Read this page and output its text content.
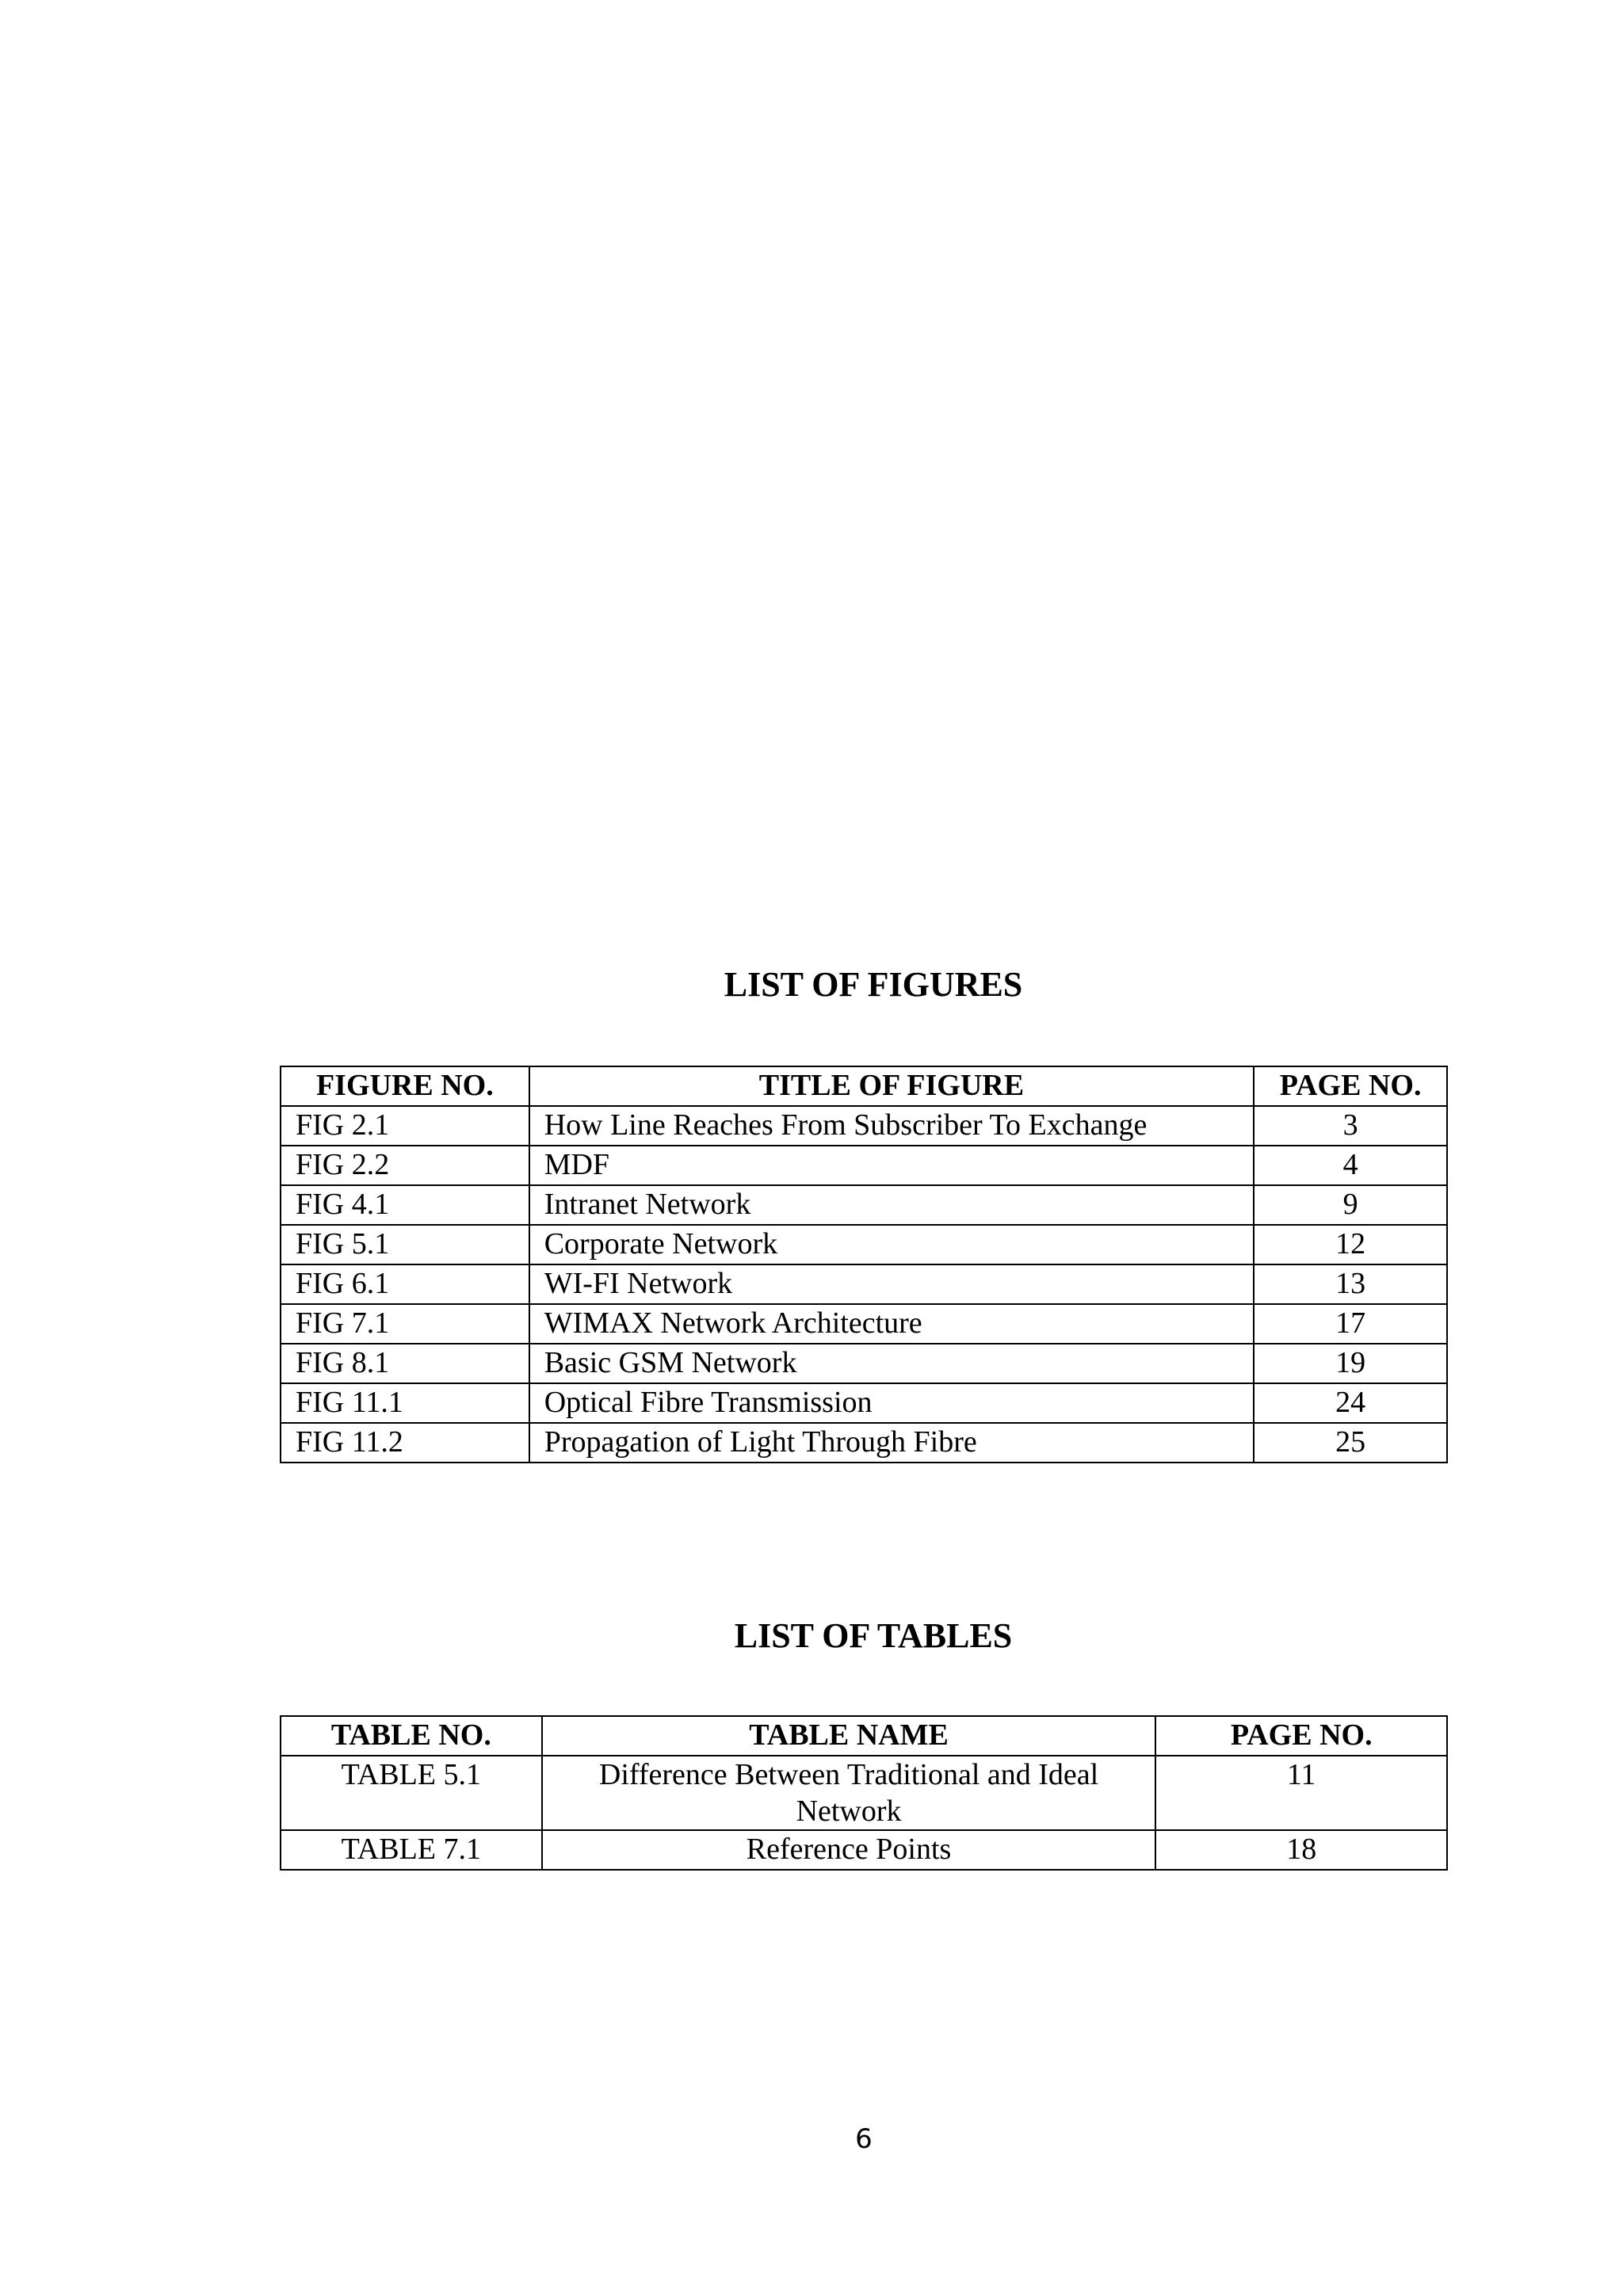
LIST OF FIGURES
FIGURE NO.	TITLE OF FIGURE	PAGE NO.
FIG 2.1	How Line Reaches From Subscriber To Exchange	3
FIG 2.2	MDF	4
FIG 4.1	Intranet Network	9
FIG 5.1	Corporate Network	12
FIG 6.1	WI-FI Network	13
FIG 7.1	WIMAX Network Architecture	17
FIG 8.1	Basic GSM Network	19
FIG 11.1	Optical Fibre Transmission	24
FIG 11.2	Propagation of Light Through Fibre	25
LIST OF TABLES
TABLE NO.	TABLE NAME	PAGE NO.
TABLE 5.1	Difference Between Traditional and Ideal Network	11
TABLE 7.1	Reference Points	18
6
